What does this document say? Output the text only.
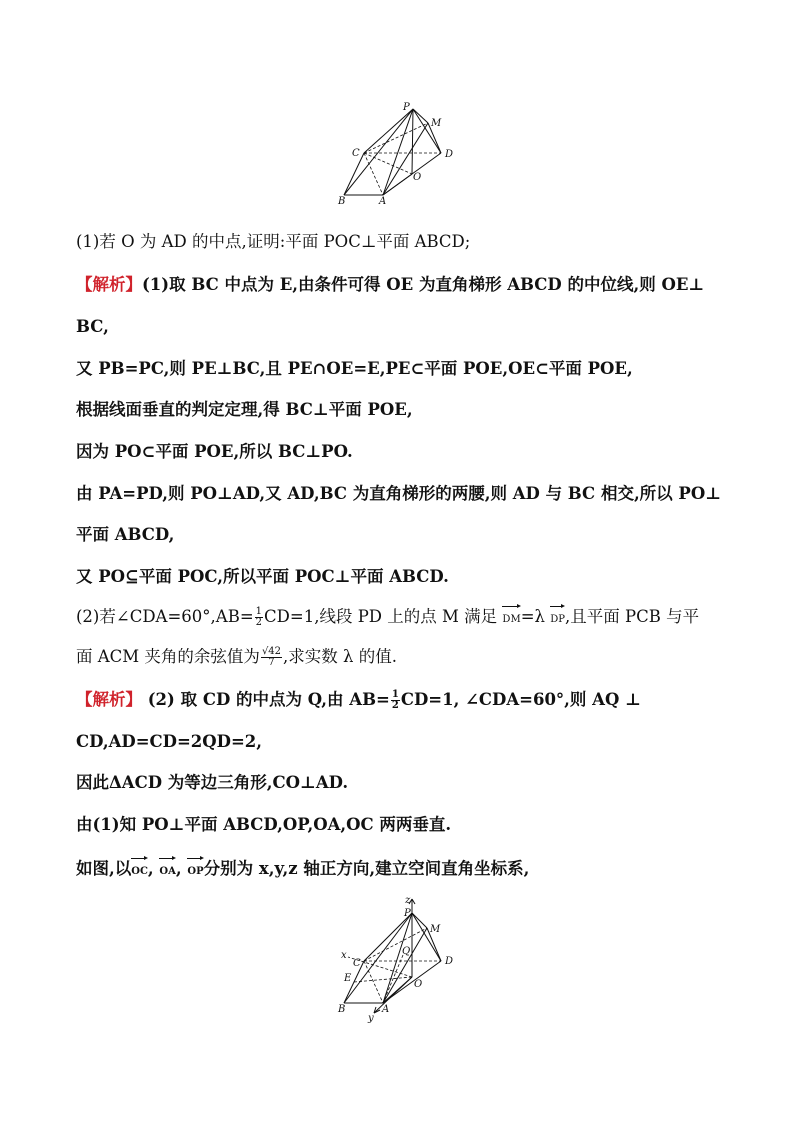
P
M
C	D
O
B	A
(1)若 O 为 AD 的中点,证明:平面 POC⊥平面 ABCD;
【解析】(1)取 BC 中点为 E,由条件可得 OE 为直角梯形 ABCD 的中位线,则 OE⊥
BC,
又 PB=PC,则 PE⊥BC,且 PE∩OE=E,PE⊂平面 POE,OE⊂平面 POE,
根据线面垂直的判定定理,得 BC⊥平面 POE,
因为 PO⊂平面 POE,所以 BC⊥PO.
由 PA=PD,则 PO⊥AD,又 AD,BC 为直角梯形的两腰,则 AD 与 BC 相交,所以 PO⊥
平面 ABCD,
又 PO⊆平面 POC,所以平面 POC⊥平面 ABCD.
(2)若∠CDA=60°,AB= $\frac{1}{2} CD=1$,线段 PD 上的点 M 满足 DM=λ DP,且平面 PCB 与平
面 ACM 夹角的余弦值为 $\frac{√42}{7}$ ,求实数 λ 的值.
【解析】 (2) 取 CD 的中点为 Q,由 $AB= \frac{1}{2} CD=1$, ∠CDA=60°,则 AQ ⊥
CD,AD=CD=2QD=2,
因此ΔACD 为等边三角形,CO⊥AD.
由(1)知 PO⊥平面 ABCD,OP,OA,OC 两两垂直.
如图,以OC, OA, OP分别为 x,y,z 轴正方向,建立空间直角坐标系,
z
P
M
x	Q
C	D
E
O
B	A
y
